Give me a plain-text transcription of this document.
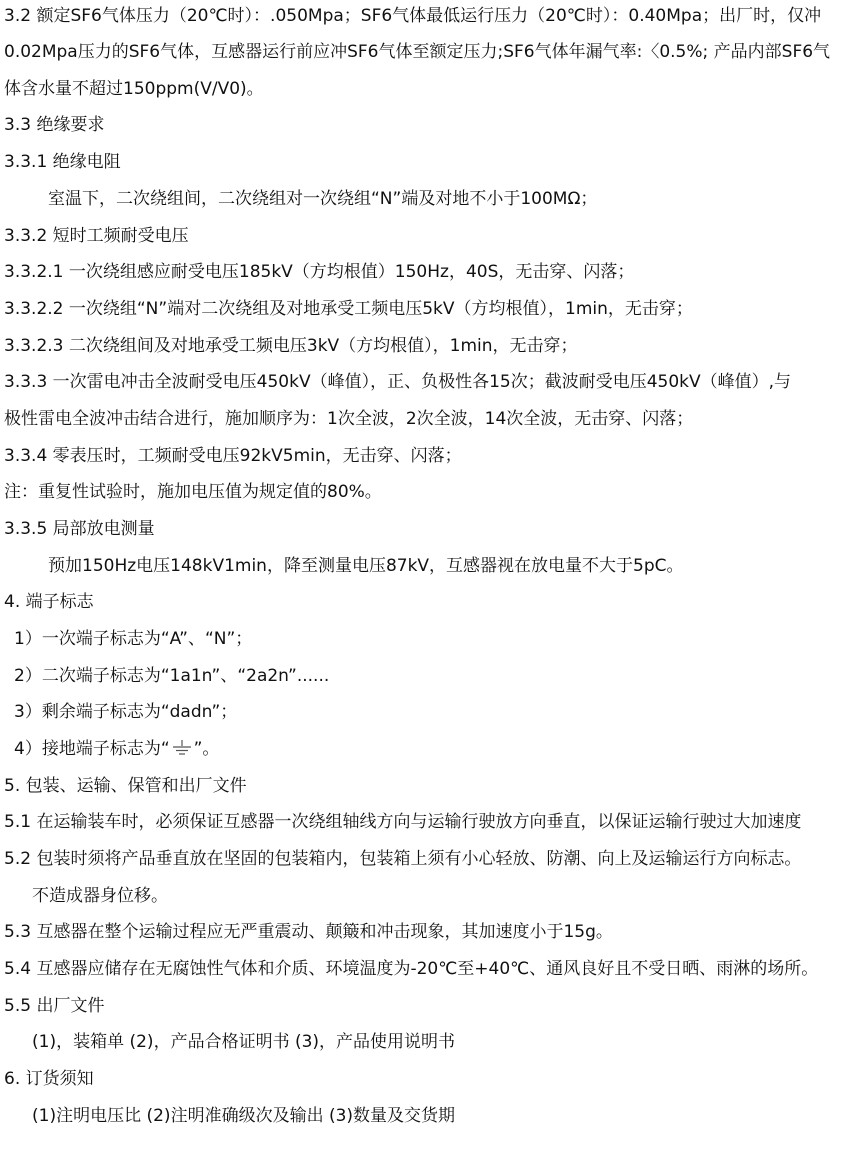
3.2 额定SF6气体压力（20℃时）：.050Mpa；SF6气体最低运行压力（20℃时）：0.40Mpa；出厂时，仅冲
0.02Mpa压力的SF6气体，互感器运行前应冲SF6气体至额定压力;SF6气体年漏气率:〈0.5%; 产品内部SF6气
体含水量不超过150ppm(V/V0)。
3.3 绝缘要求
3.3.1 绝缘电阻
室温下，二次绕组间，二次绕组对一次绕组“N”端及对地不小于100MΩ；
3.3.2 短时工频耐受电压
3.3.2.1 一次绕组感应耐受电压185kV（方均根值）150Hz，40S，无击穿、闪落；
3.3.2.2 一次绕组“N”端对二次绕组及对地承受工频电压5kV（方均根值），1min，无击穿；
3.3.2.3 二次绕组间及对地承受工频电压3kV（方均根值），1min，无击穿；
3.3.3 一次雷电冲击全波耐受电压450kV（峰值），正、负极性各15次；截波耐受电压450kV（峰值）,与
极性雷电全波冲击结合进行，施加顺序为：1次全波，2次全波，14次全波，无击穿、闪落；
3.3.4 零表压时，工频耐受电压92kV5min，无击穿、闪落；
注：重复性试验时，施加电压值为规定值的80%。
3.3.5 局部放电测量
预加150Hz电压148kV1min，降至测量电压87kV，互感器视在放电量不大于5pC。
4. 端子标志
1）一次端子标志为“A”、“N”；
2）二次端子标志为“1a1n”、“2a2n”......
3）剩余端子标志为“dadn”；
4）接地端子标志为“ ”。
5. 包装、运输、保管和出厂文件
5.1 在运输装车时，必须保证互感器一次绕组轴线方向与运输行驶放方向垂直，以保证运输行驶过大加速度
5.2 包装时须将产品垂直放在坚固的包装箱内，包装箱上须有小心轻放、防潮、向上及运输运行方向标志。
不造成器身位移。
5.3 互感器在整个运输过程应无严重震动、颠簸和冲击现象，其加速度小于15g。
5.4 互感器应储存在无腐蚀性气体和介质、环境温度为-20℃至+40℃、通风良好且不受日晒、雨淋的场所。
5.5 出厂文件
(1)，装箱单 (2)，产品合格证明书 (3)，产品使用说明书
6. 订货须知
(1)注明电压比 (2)注明准确级次及输出 (3)数量及交货期
